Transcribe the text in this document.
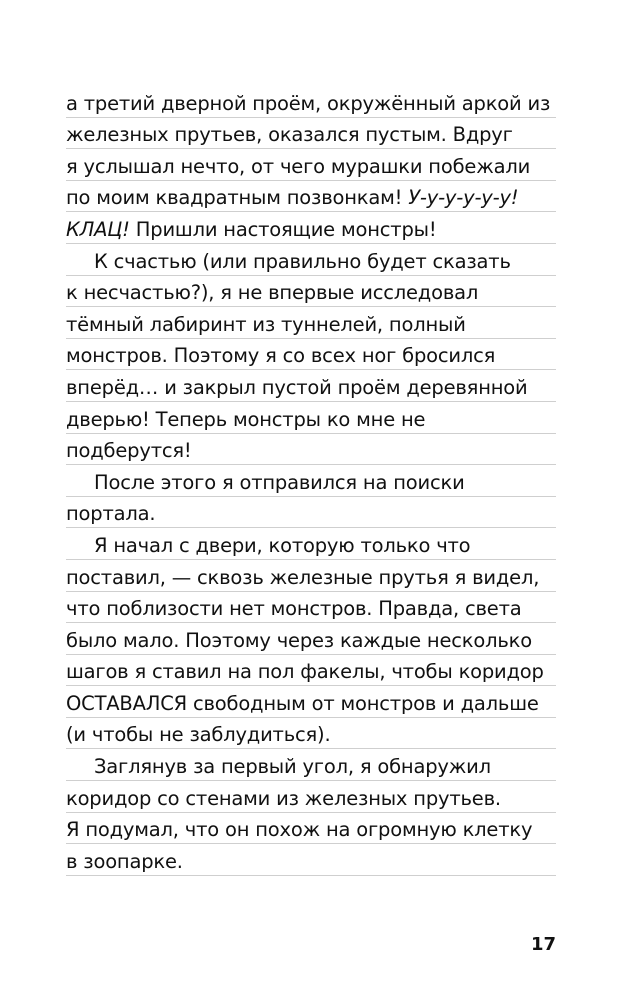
а третий дверной проём, окружённый аркой из
железных прутьев, оказался пустым. Вдруг
я услышал нечто, от чего мурашки побежали
по моим квадратным позвонкам! У-у-у-у-у-у!
КЛАЦ! Пришли настоящие монстры!
К счастью (или правильно будет сказать
к несчастью?), я не впервые исследовал
тёмный лабиринт из туннелей, полный
монстров. Поэтому я со всех ног бросился
вперёд… и закрыл пустой проём деревянной
дверью! Теперь монстры ко мне не
подберутся!
После этого я отправился на поиски
портала.
Я начал с двери, которую только что
поставил, — сквозь железные прутья я видел,
что поблизости нет монстров. Правда, света
было мало. Поэтому через каждые несколько
шагов я ставил на пол факелы, чтобы коридор
ОСТАВАЛСЯ свободным от монстров и дальше
(и чтобы не заблудиться).
Заглянув за первый угол, я обнаружил
коридор со стенами из железных прутьев.
Я подумал, что он похож на огромную клетку
в зоопарке.
17
